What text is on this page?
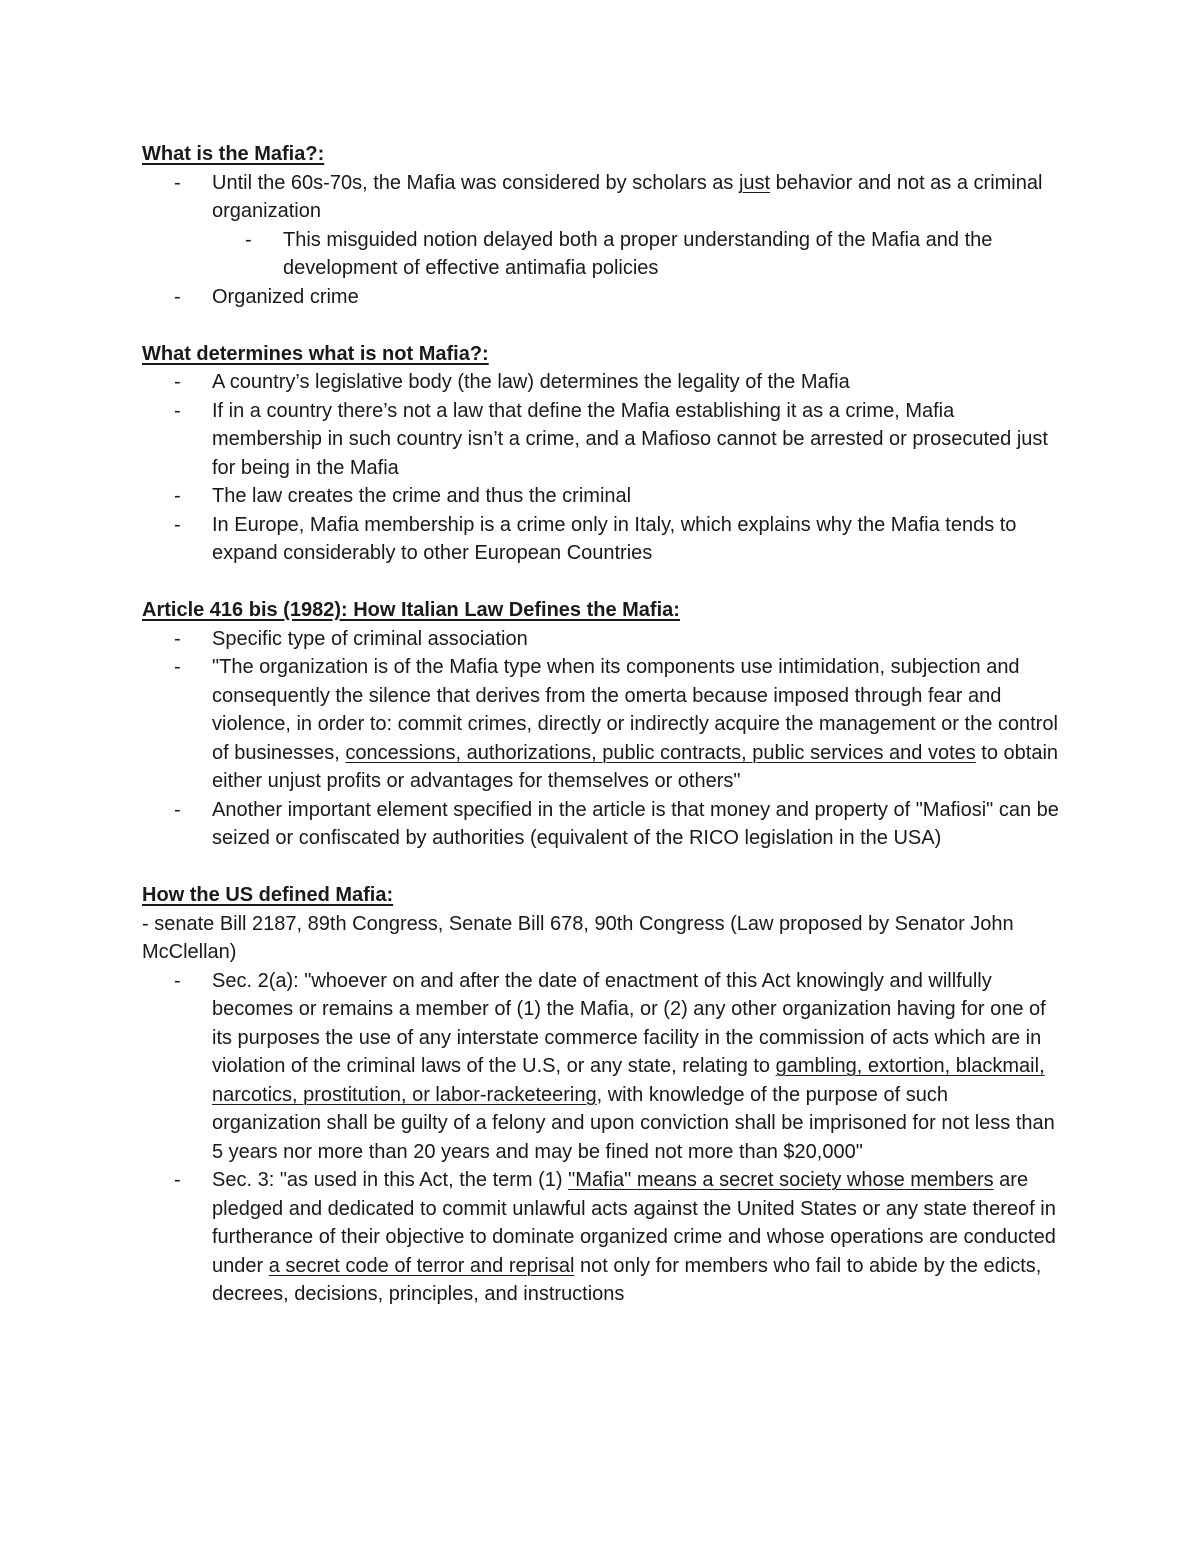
What is the Mafia?:

- Until the 60s-70s, the Mafia was considered by scholars as just behavior and not as a criminal organization
- This misguided notion delayed both a proper understanding of the Mafia and the development of effective antimafia policies
- Organized crime

What determines what is not Mafia?:

- A country’s legislative body (the law) determines the legality of the Mafia
- If in a country there’s not a law that define the Mafia establishing it as a crime, Mafia membership in such country isn’t a crime, and a Mafioso cannot be arrested or prosecuted just for being in the Mafia
- The law creates the crime and thus the criminal
- In Europe, Mafia membership is a crime only in Italy, which explains why the Mafia tends to expand considerably to other European Countries

Article 416 bis (1982): How Italian Law Defines the Mafia:

- Specific type of criminal association
- "The organization is of the Mafia type when its components use intimidation, subjection and consequently the silence that derives from the omerta because imposed through fear and violence, in order to: commit crimes, directly or indirectly acquire the management or the control of businesses, concessions, authorizations, public contracts, public services and votes to obtain either unjust profits or advantages for themselves or others"
- Another important element specified in the article is that money and property of "Mafiosi" can be seized or confiscated by authorities (equivalent of the RICO legislation in the USA)

How the US defined Mafia:

- senate Bill 2187, 89th Congress, Senate Bill 678, 90th Congress (Law proposed by Senator John McClellan)

- Sec. 2(a): "whoever on and after the date of enactment of this Act knowingly and willfully becomes or remains a member of (1) the Mafia, or (2) any other organization having for one of its purposes the use of any interstate commerce facility in the commission of acts which are in violation of the criminal laws of the U.S, or any state, relating to gambling, extortion, blackmail, narcotics, prostitution, or labor-racketeering, with knowledge of the purpose of such organization shall be guilty of a felony and upon conviction shall be imprisoned for not less than 5 years nor more than 20 years and may be fined not more than $20,000"
- Sec. 3: "as used in this Act, the term (1) "Mafia" means a secret society whose members are pledged and dedicated to commit unlawful acts against the United States or any state thereof in furtherance of their objective to dominate organized crime and whose operations are conducted under a secret code of terror and reprisal not only for members who fail to abide by the edicts, decrees, decisions, principles, and instructions
